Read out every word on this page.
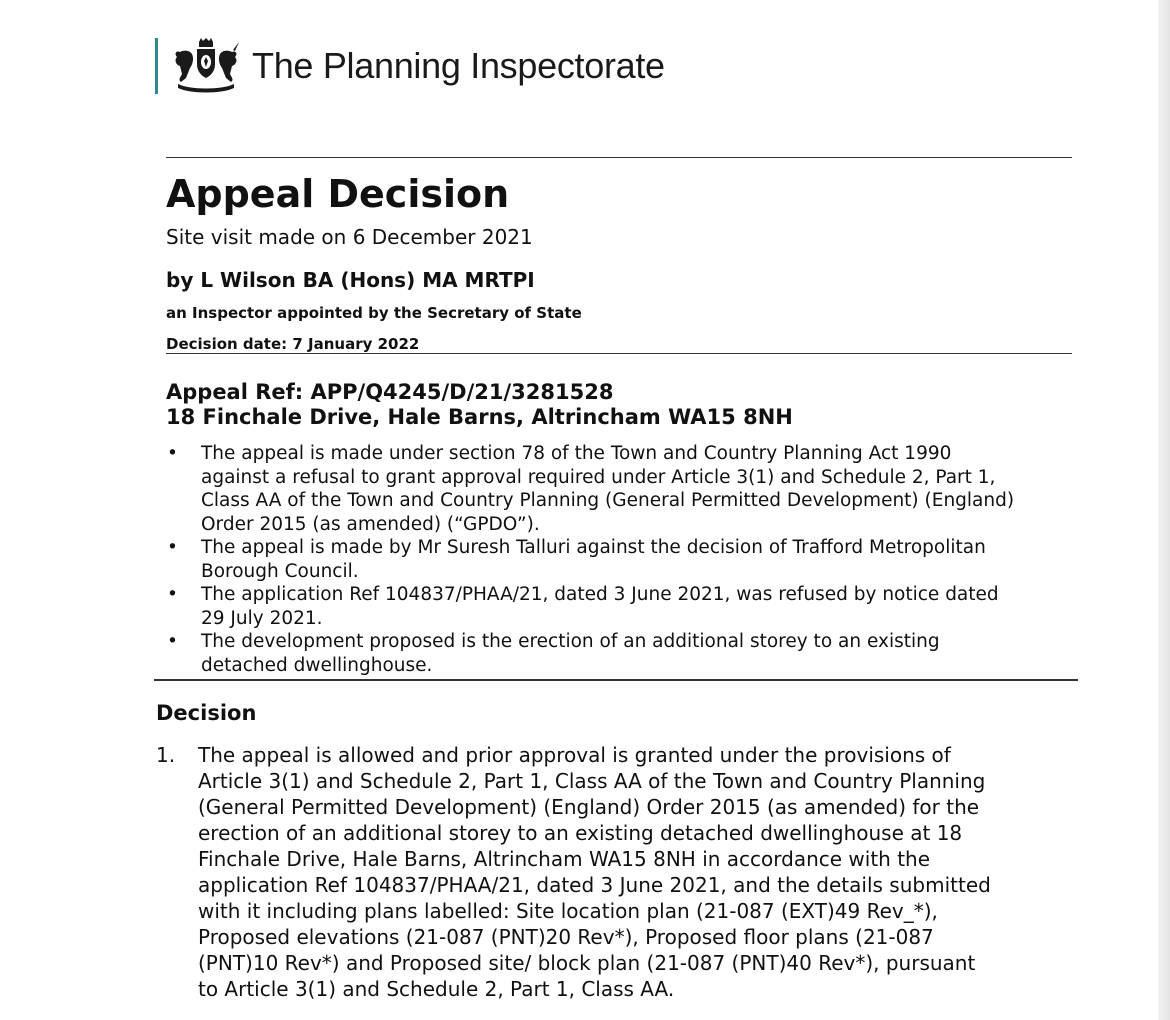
The Planning Inspectorate
Appeal Decision
Site visit made on 6 December 2021
by L Wilson BA (Hons) MA MRTPI
an Inspector appointed by the Secretary of State
Decision date: 7 January 2022
Appeal Ref: APP/Q4245/D/21/3281528
18 Finchale Drive, Hale Barns, Altrincham WA15 8NH
• The appeal is made under section 78 of the Town and Country Planning Act 1990
against a refusal to grant approval required under Article 3(1) and Schedule 2, Part 1,
Class AA of the Town and Country Planning (General Permitted Development) (England)
Order 2015 (as amended) (“GPDO”).
• The appeal is made by Mr Suresh Talluri against the decision of Trafford Metropolitan
Borough Council.
• The application Ref 104837/PHAA/21, dated 3 June 2021, was refused by notice dated
29 July 2021.
• The development proposed is the erection of an additional storey to an existing
detached dwellinghouse.
Decision
1. The appeal is allowed and prior approval is granted under the provisions of
Article 3(1) and Schedule 2, Part 1, Class AA of the Town and Country Planning
(General Permitted Development) (England) Order 2015 (as amended) for the
erection of an additional storey to an existing detached dwellinghouse at 18
Finchale Drive, Hale Barns, Altrincham WA15 8NH in accordance with the
application Ref 104837/PHAA/21, dated 3 June 2021, and the details submitted
with it including plans labelled: Site location plan (21-087 (EXT)49 Rev_*),
Proposed elevations (21-087 (PNT)20 Rev*), Proposed floor plans (21-087
(PNT)10 Rev*) and Proposed site/ block plan (21-087 (PNT)40 Rev*), pursuant
to Article 3(1) and Schedule 2, Part 1, Class AA.
